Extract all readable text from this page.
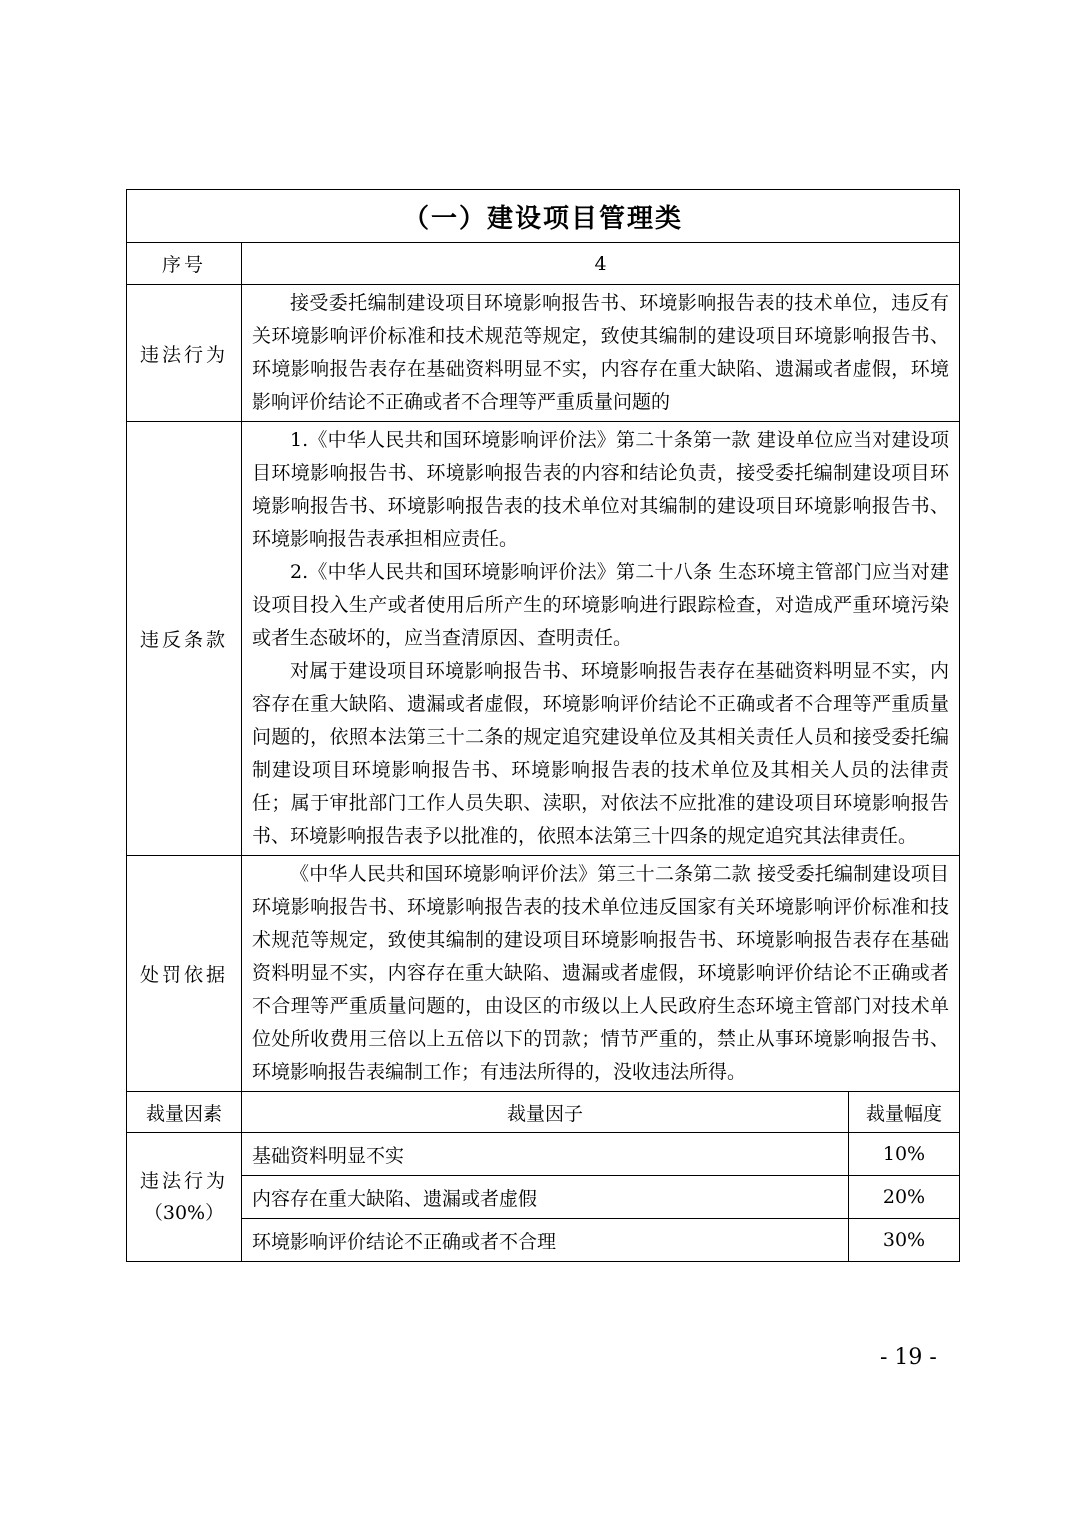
（一）建设项目管理类		
序号	4	
违法行为	接受委托编制建设项目环境影响报告书、环境影响报告表的技术单位，违反有关环境影响评价标准和技术规范等规定，致使其编制的建设项目环境影响报告书、环境影响报告表存在基础资料明显不实，内容存在重大缺陷、遗漏或者虚假，环境影响评价结论不正确或者不合理等严重质量问题的	

违反条款	1.《中华人民共和国环境影响评价法》第二十条第一款 建设单位应当对建设项目环境影响报告书、环境影响报告表的内容和结论负责，接受委托编制建设项目环境影响报告书、环境影响报告表的技术单位对其编制的建设项目环境影响报告书、环境影响报告表承担相应责任。

2.《中华人民共和国环境影响评价法》第二十八条 生态环境主管部门应当对建设项目投入生产或者使用后所产生的环境影响进行跟踪检查，对造成严重环境污染或者生态破坏的，应当查清原因、查明责任。

对属于建设项目环境影响报告书、环境影响报告表存在基础资料明显不实，内容存在重大缺陷、遗漏或者虚假，环境影响评价结论不正确或者不合理等严重质量问题的，依照本法第三十二条的规定追究建设单位及其相关责任人员和接受委托编制建设项目环境影响报告书、环境影响报告表的技术单位及其相关人员的法律责任；属于审批部门工作人员失职、渎职，对依法不应批准的建设项目环境影响报告书、环境影响报告表予以批准的，依照本法第三十四条的规定追究其法律责任。	

处罚依据	《中华人民共和国环境影响评价法》第三十二条第二款 接受委托编制建设项目环境影响报告书、环境影响报告表的技术单位违反国家有关环境影响评价标准和技术规范等规定，致使其编制的建设项目环境影响报告书、环境影响报告表存在基础资料明显不实，内容存在重大缺陷、遗漏或者虚假，环境影响评价结论不正确或者不合理等严重质量问题的，由设区的市级以上人民政府生态环境主管部门对技术单位处所收费用三倍以上五倍以下的罚款；情节严重的，禁止从事环境影响报告书、环境影响报告表编制工作；有违法所得的，没收违法所得。	

裁量因素	裁量因子	裁量幅度

违法行为
（30%）	基础资料明显不实	10%
	内容存在重大缺陷、遗漏或者虚假	20%
	环境影响评价结论不正确或者不合理	30%
- 19 -
